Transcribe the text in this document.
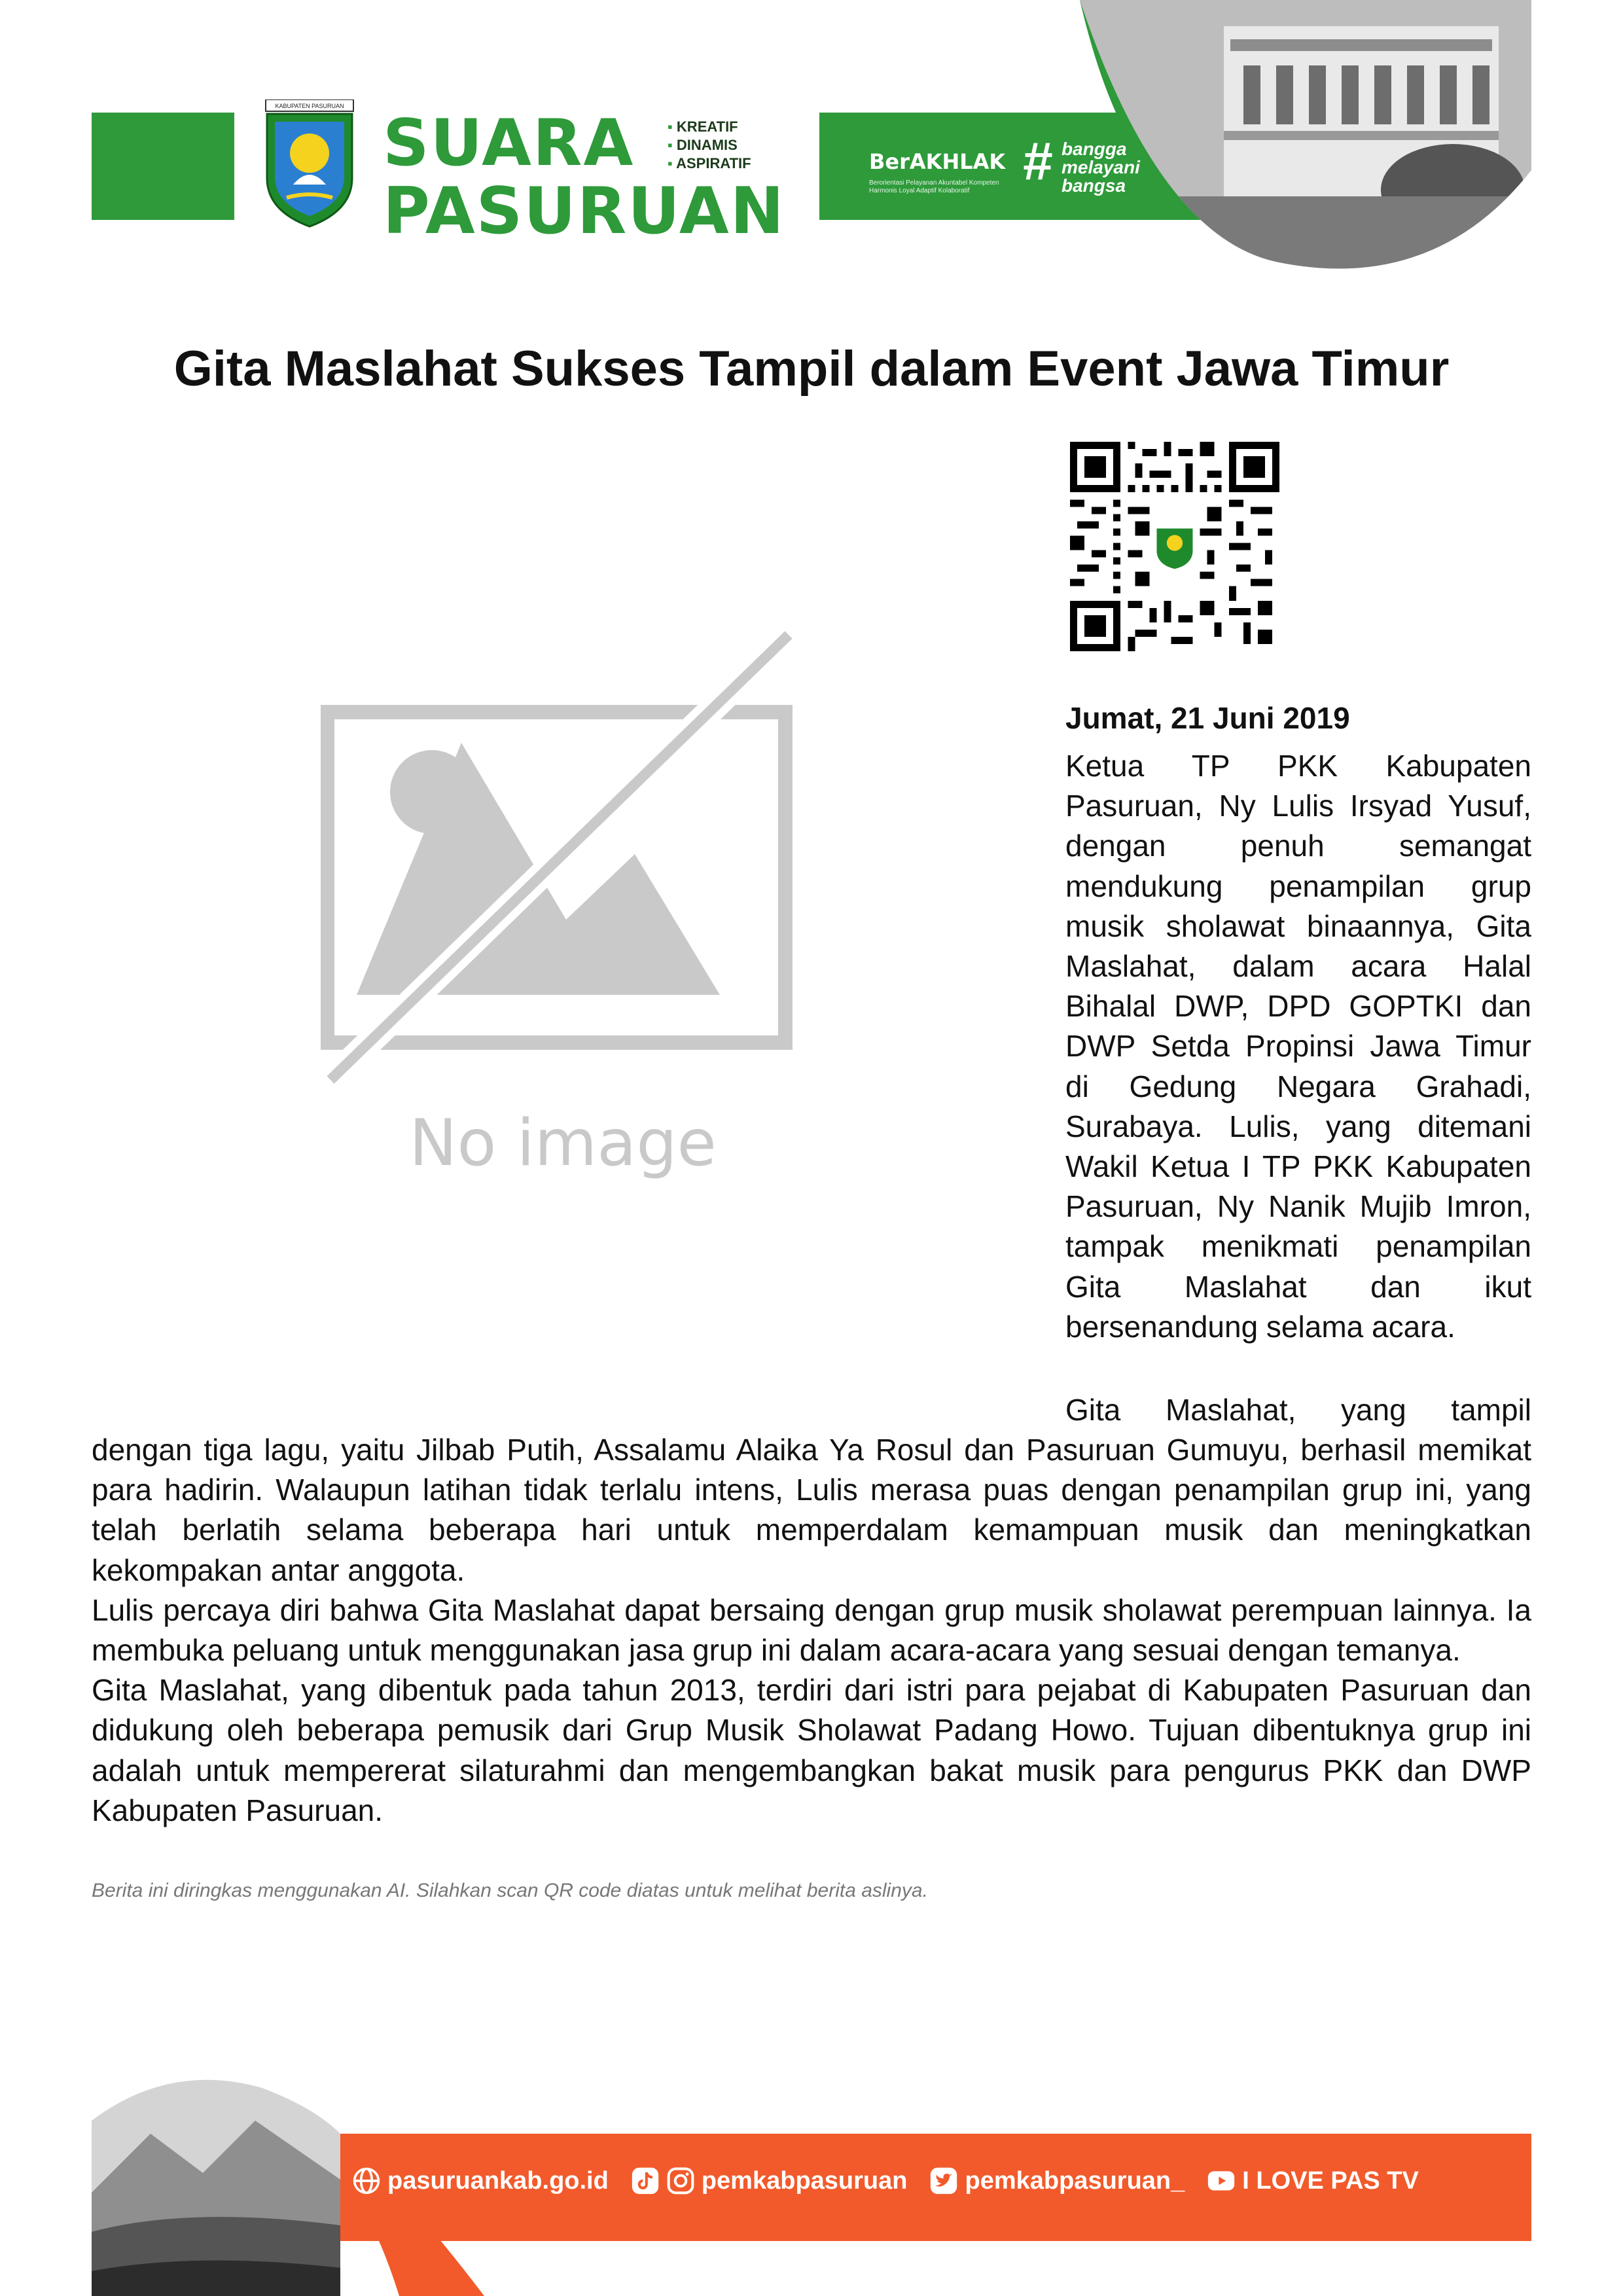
KABUPATEN PASURUAN SUARA
PASURUAN
▪ KREATIF
▪ DINAMIS
▪ ASPIRATIF	BerAKHLAK
Berorientasi Pelayanan Akuntabel Kompeten Harmonis Loyal Adaptif Kolaboratif # bangga
melayani
bangsa
Gita Maslahat Sukses Tampil dalam Event Jawa Timur
No image
Jumat, 21 Juni 2019
Ketua TP PKK Kabupaten Pasuruan, Ny Lulis Irsyad Yusuf, dengan penuh semangat mendukung penampilan grup musik sholawat binaannya, Gita Maslahat, dalam acara Halal Bihalal DWP, DPD GOPTKI dan DWP Setda Propinsi Jawa Timur di Gedung Negara Grahadi, Surabaya. Lulis, yang ditemani Wakil Ketua I TP PKK Kabupaten Pasuruan, Ny Nanik Mujib Imron, tampak menikmati penampilan Gita Maslahat dan ikut bersenandung selama acara.
Gita Maslahat, yang tampil

dengan tiga lagu, yaitu Jilbab Putih, Assalamu Alaika Ya Rosul dan Pasuruan Gumuyu, berhasil memikat para hadirin. Walaupun latihan tidak terlalu intens, Lulis merasa puas dengan penampilan grup ini, yang telah berlatih selama beberapa hari untuk memperdalam kemampuan musik dan meningkatkan kekompakan antar anggota.

Lulis percaya diri bahwa Gita Maslahat dapat bersaing dengan grup musik sholawat perempuan lainnya. Ia membuka peluang untuk menggunakan jasa grup ini dalam acara-acara yang sesuai dengan temanya.

Gita Maslahat, yang dibentuk pada tahun 2013, terdiri dari istri para pejabat di Kabupaten Pasuruan dan didukung oleh beberapa pemusik dari Grup Musik Sholawat Padang Howo. Tujuan dibentuknya grup ini adalah untuk mempererat silaturahmi dan mengembangkan bakat musik para pengurus PKK dan DWP Kabupaten Pasuruan.

Berita ini diringkas menggunakan AI. Silahkan scan QR code diatas untuk melihat berita aslinya.
pasuruankab.go.id	pemkabpasuruan pemkabpasuruan_ I LOVE PAS TV
